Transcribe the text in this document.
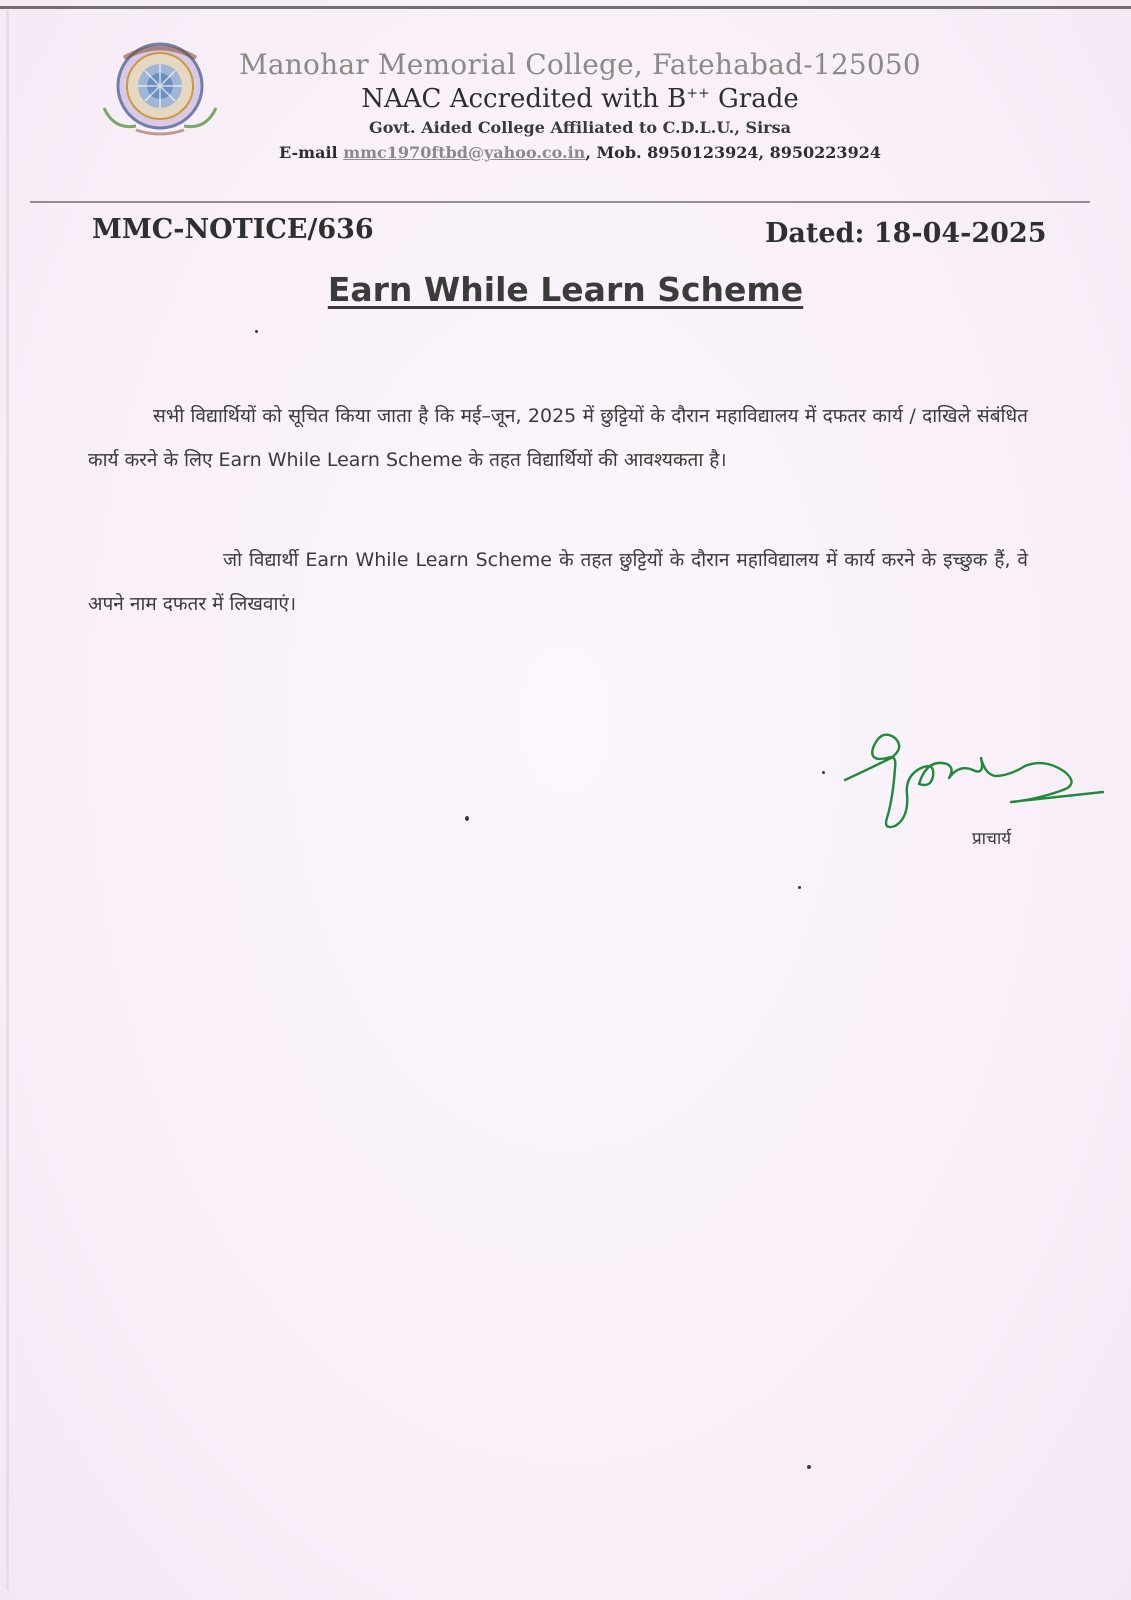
Manohar Memorial College, Fatehabad-125050
NAAC Accredited with B++ Grade
Govt. Aided College Affiliated to C.D.L.U., Sirsa
E-mail mmc1970ftbd@yahoo.co.in, Mob. 8950123924, 8950223924
MMC-NOTICE/636	Dated: 18-04-2025
Earn While Learn Scheme
सभी विद्यार्थियों को सूचित किया जाता है कि मई–जून, 2025 में छुट्टियों के दौरान महाविद्यालय में दफतर कार्य / दाखिले संबंधित कार्य करने के लिए Earn While Learn Scheme के तहत विद्यार्थियों की आवश्यकता है।
जो विद्यार्थी Earn While Learn Scheme के तहत छुट्टियों के दौरान महाविद्यालय में कार्य करने के इच्छुक हैं, वे अपने नाम दफतर में लिखवाएं।
प्राचार्य
